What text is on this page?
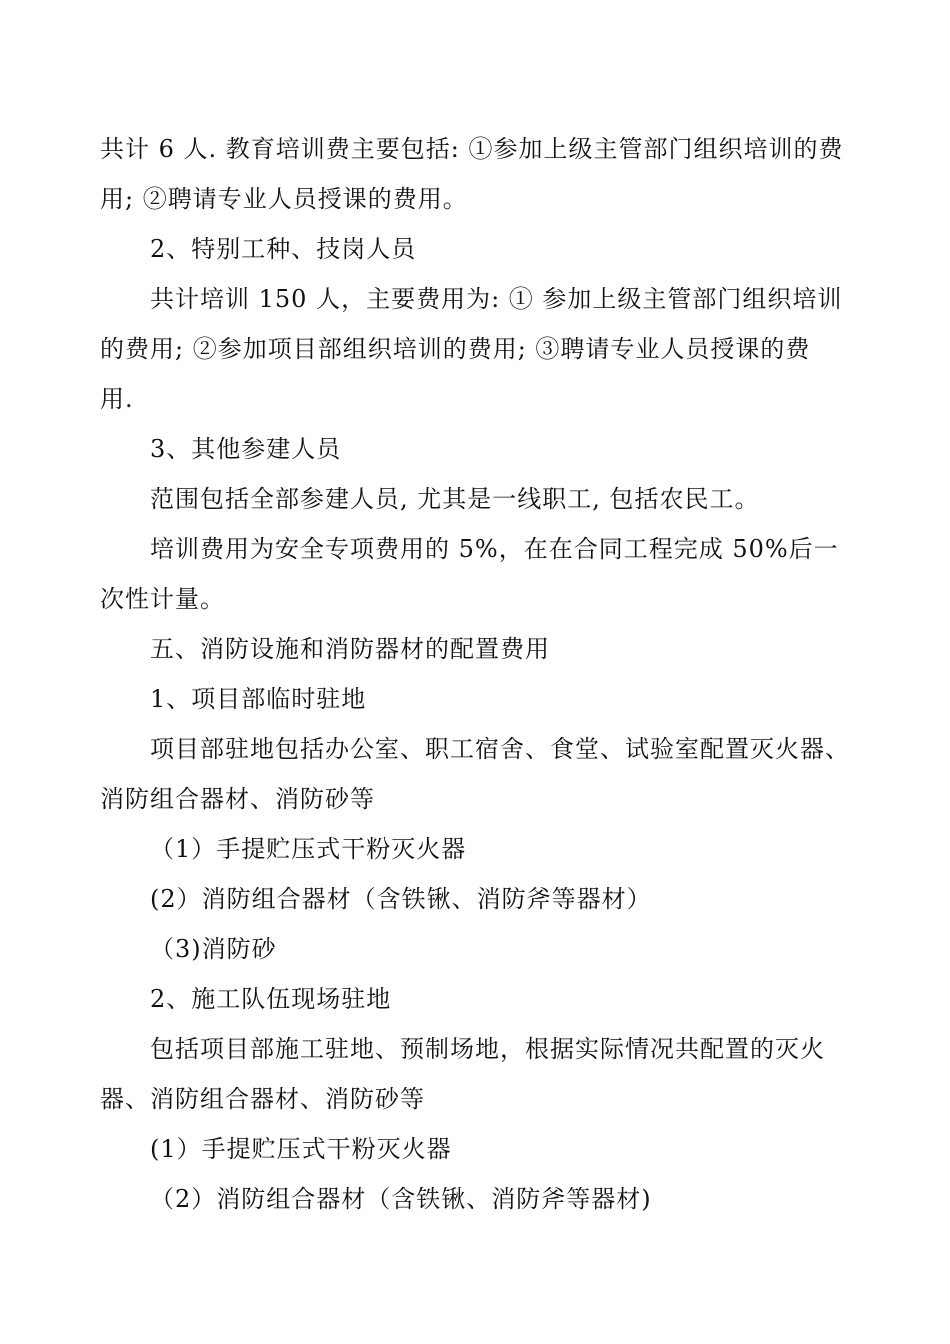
共计 6 人. 教育培训费主要包括: ①参加上级主管部门组织培训的费
用; ②聘请专业人员授课的费用。
2、特别工种、技岗人员
共计培训 150 人，主要费用为: ① 参加上级主管部门组织培训
的费用; ②参加项目部组织培训的费用; ③聘请专业人员授课的费
用.
3、其他参建人员
范围包括全部参建人员, 尤其是一线职工, 包括农民工。
培训费用为安全专项费用的 5%，在在合同工程完成 50%后一
次性计量。
五、消防设施和消防器材的配置费用
1、项目部临时驻地
项目部驻地包括办公室、职工宿舍、食堂、试验室配置灭火器、
消防组合器材、消防砂等
（1）手提贮压式干粉灭火器
(2）消防组合器材（含铁锹、消防斧等器材）
（3)消防砂
2、施工队伍现场驻地
包括项目部施工驻地、预制场地，根据实际情况共配置的灭火
器、消防组合器材、消防砂等
(1）手提贮压式干粉灭火器
（2）消防组合器材（含铁锹、消防斧等器材)
